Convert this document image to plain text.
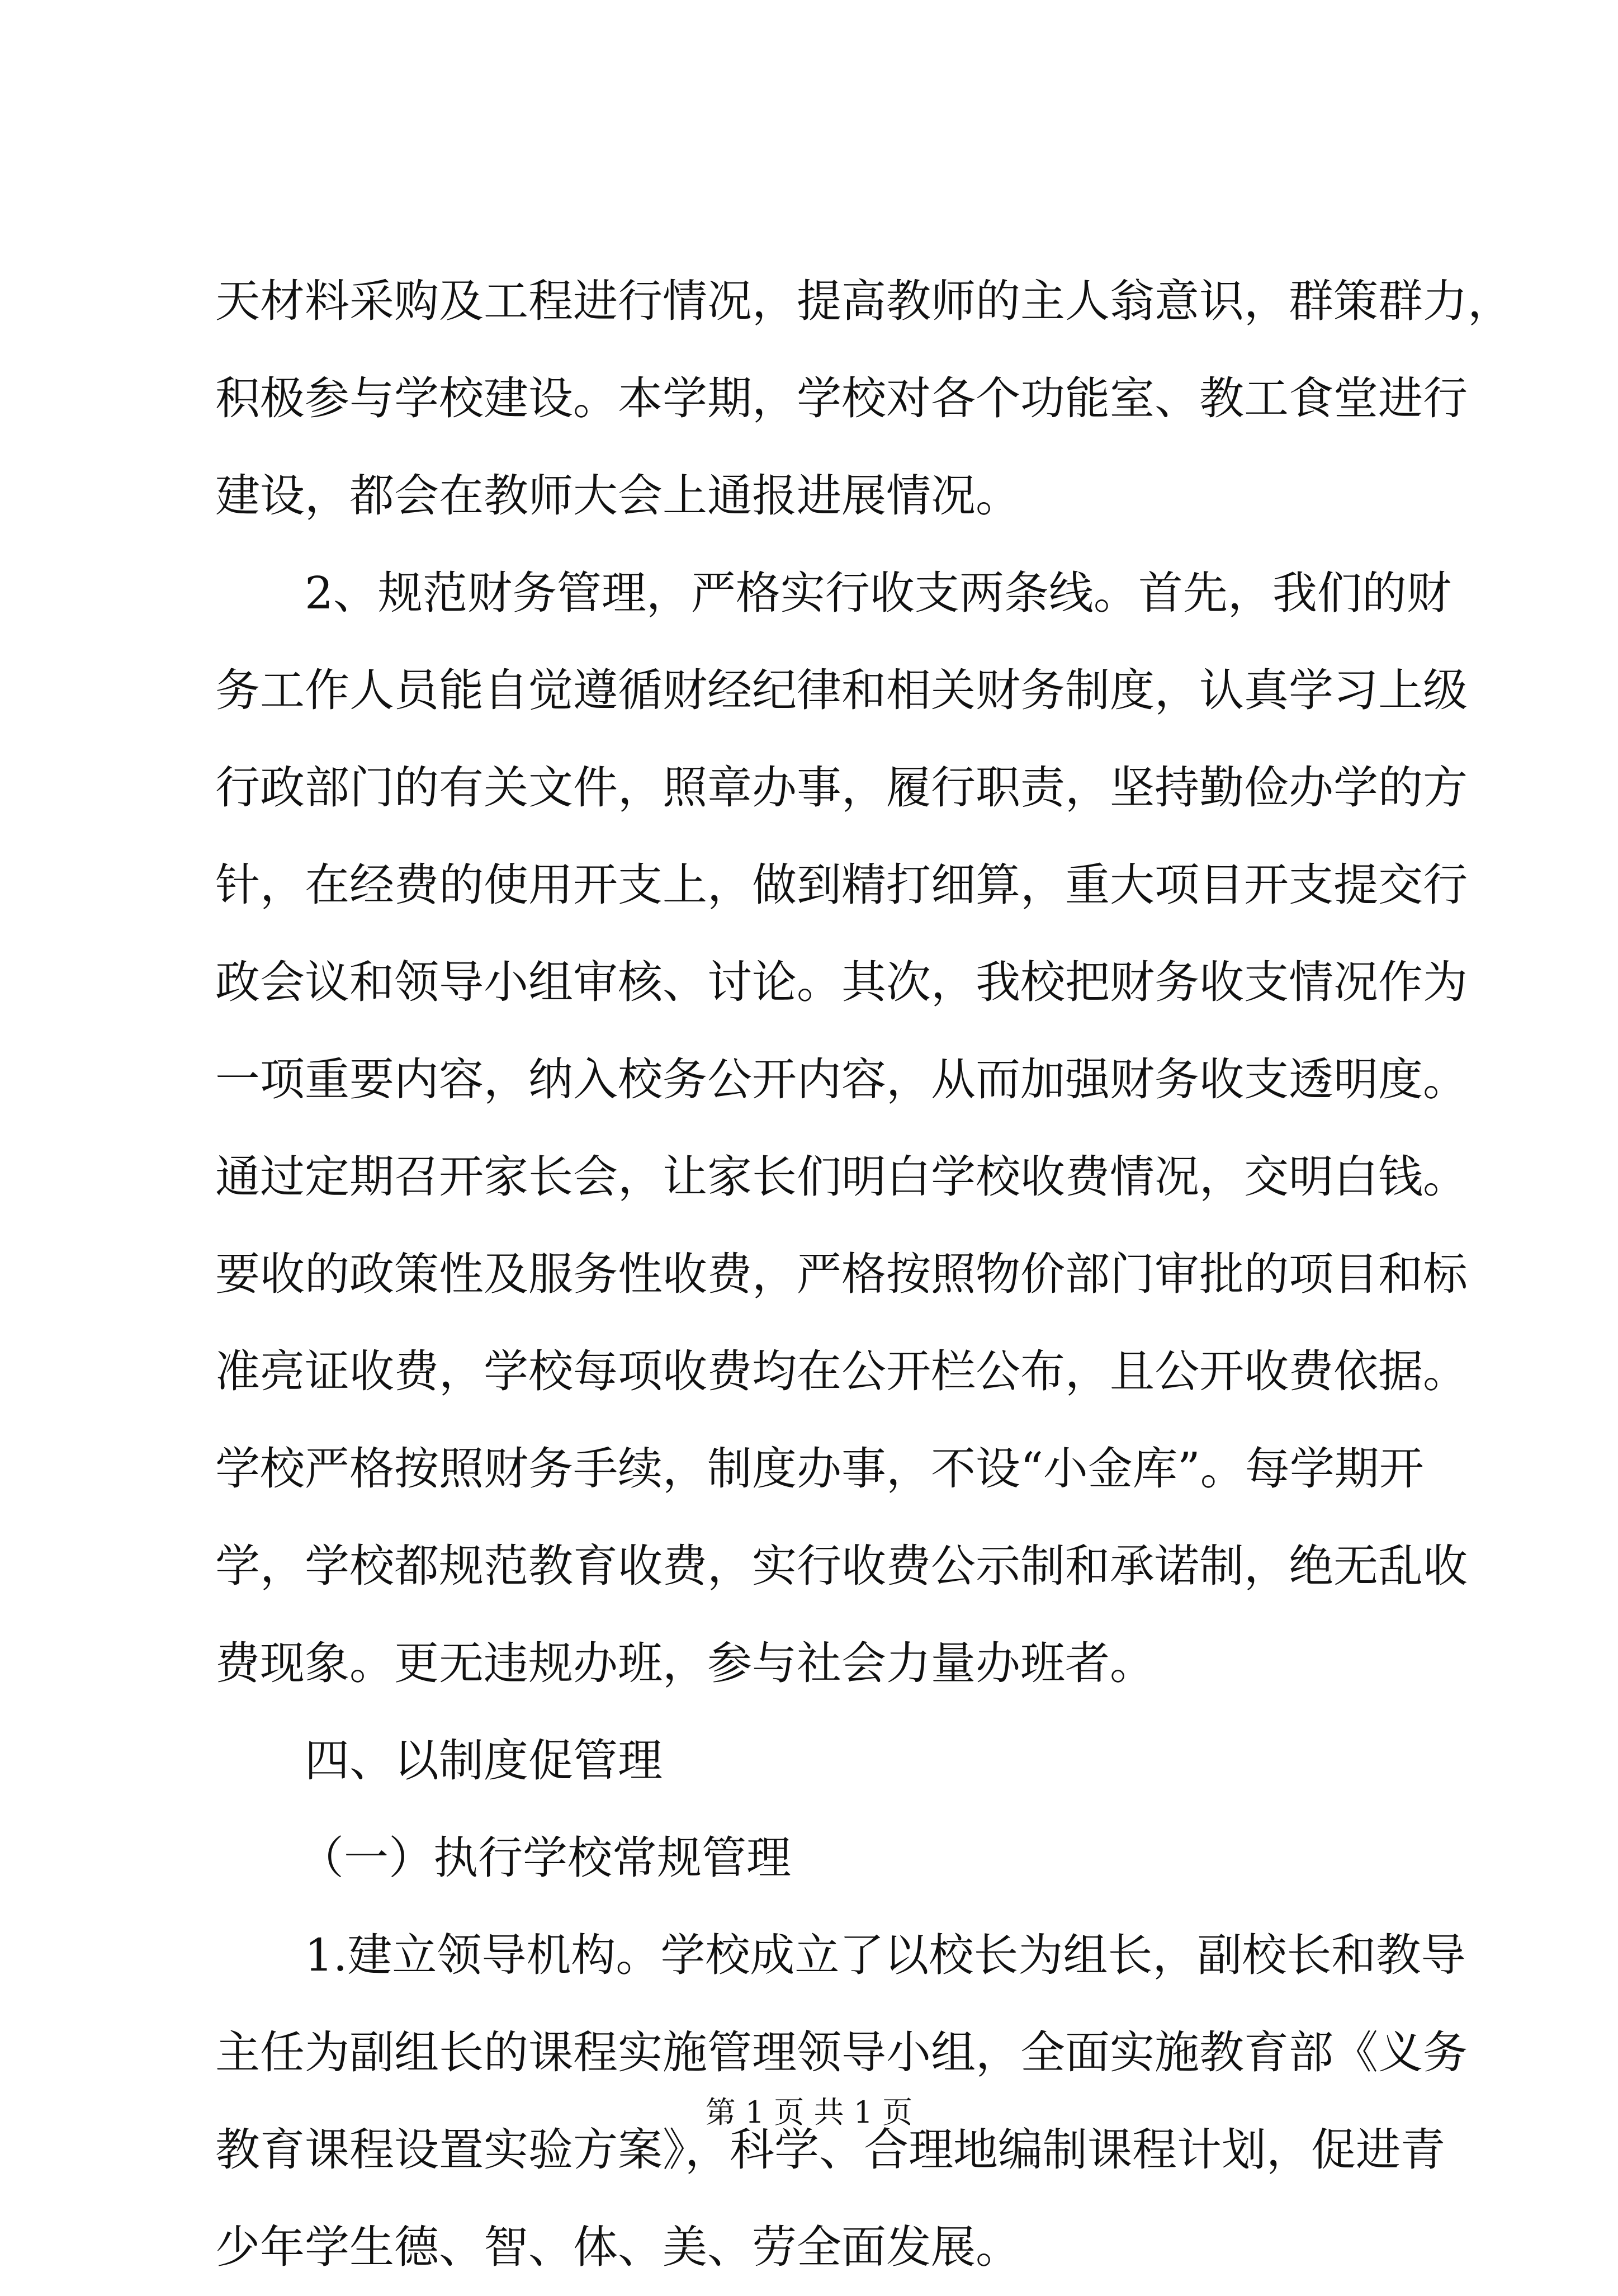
天材料采购及工程进行情况，提高教师的主人翁意识，群策群力，
积极参与学校建设。本学期，学校对各个功能室、教工食堂进行
建设，都会在教师大会上通报进展情况。
2、规范财务管理，严格实行收支两条线。首先，我们的财
务工作人员能自觉遵循财经纪律和相关财务制度，认真学习上级
行政部门的有关文件，照章办事，履行职责，坚持勤俭办学的方
针，在经费的使用开支上，做到精打细算，重大项目开支提交行
政会议和领导小组审核、讨论。其次，我校把财务收支情况作为
一项重要内容，纳入校务公开内容，从而加强财务收支透明度。
通过定期召开家长会，让家长们明白学校收费情况，交明白钱。
要收的政策性及服务性收费，严格按照物价部门审批的项目和标
准亮证收费，学校每项收费均在公开栏公布，且公开收费依据。
学校严格按照财务手续，制度办事，不设“小金库”。每学期开
学，学校都规范教育收费，实行收费公示制和承诺制，绝无乱收
费现象。更无违规办班，参与社会力量办班者。
四、以制度促管理
（一）执行学校常规管理
1.建立领导机构。学校成立了以校长为组长，副校长和教导
主任为副组长的课程实施管理领导小组，全面实施教育部《义务
教育课程设置实验方案》，科学、合理地编制课程计划，促进青
少年学生德、智、体、美、劳全面发展。
第 1 页 共 1 页
